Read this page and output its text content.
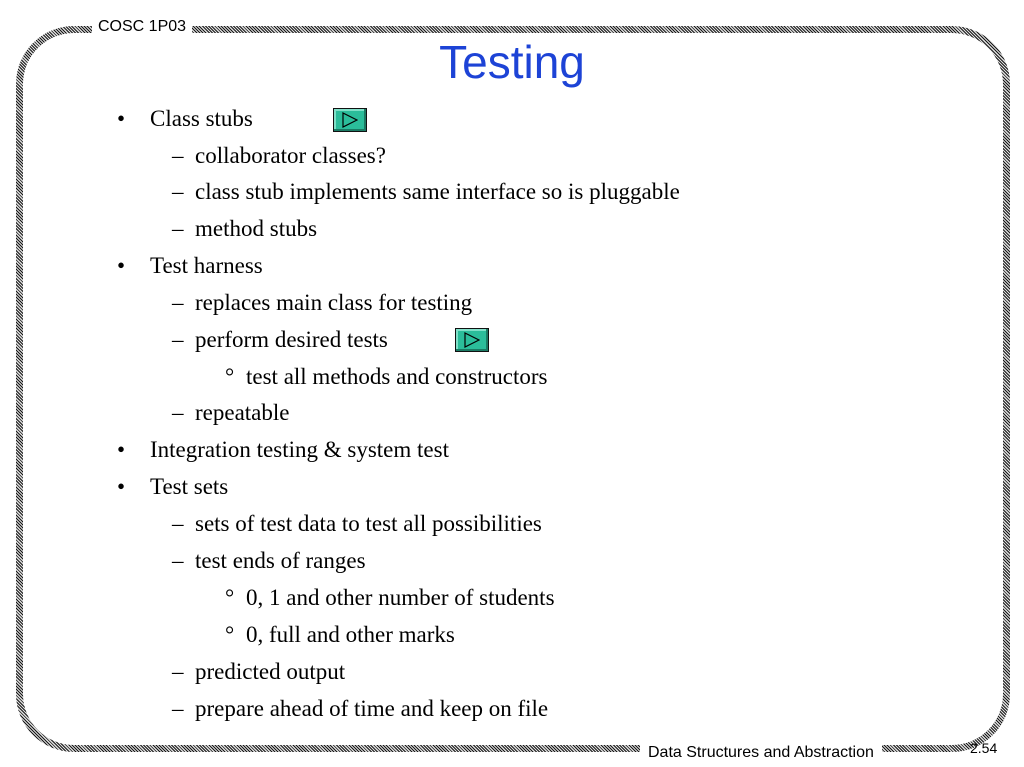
COSC 1P03
Testing
• Class stubs
– collaborator classes?
– class stub implements same interface so is pluggable
– method stubs
• Test harness
– replaces main class for testing
– perform desired tests
° test all methods and constructors
– repeatable
• Integration testing & system test
• Test sets
– sets of test data to test all possibilities
– test ends of ranges
° 0, 1 and other number of students
° 0, full and other marks
– predicted output
– prepare ahead of time and keep on file
Data Structures and Abstraction	2.54
